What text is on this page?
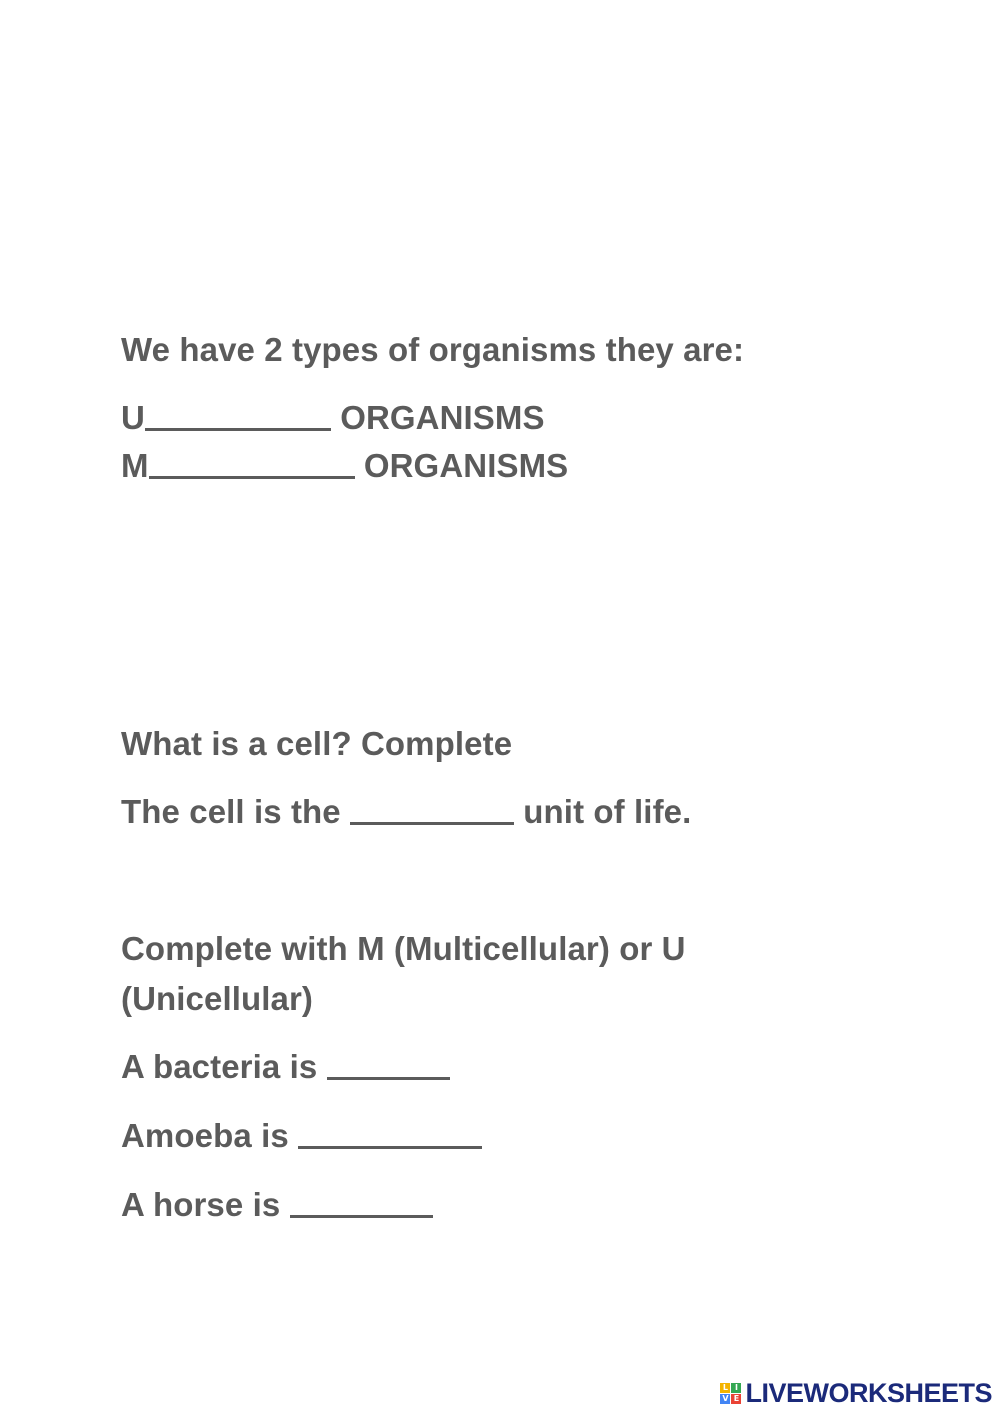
We have 2 types of organisms they are:
U	ORGANISMS
M	ORGANISMS
What is a cell? Complete
The cell is the	unit of life.
Complete with M (Multicellular) or U
(Unicellular)
A bacteria is
Amoeba is
A horse is
L I
V E LIVEWORKSHEETS
